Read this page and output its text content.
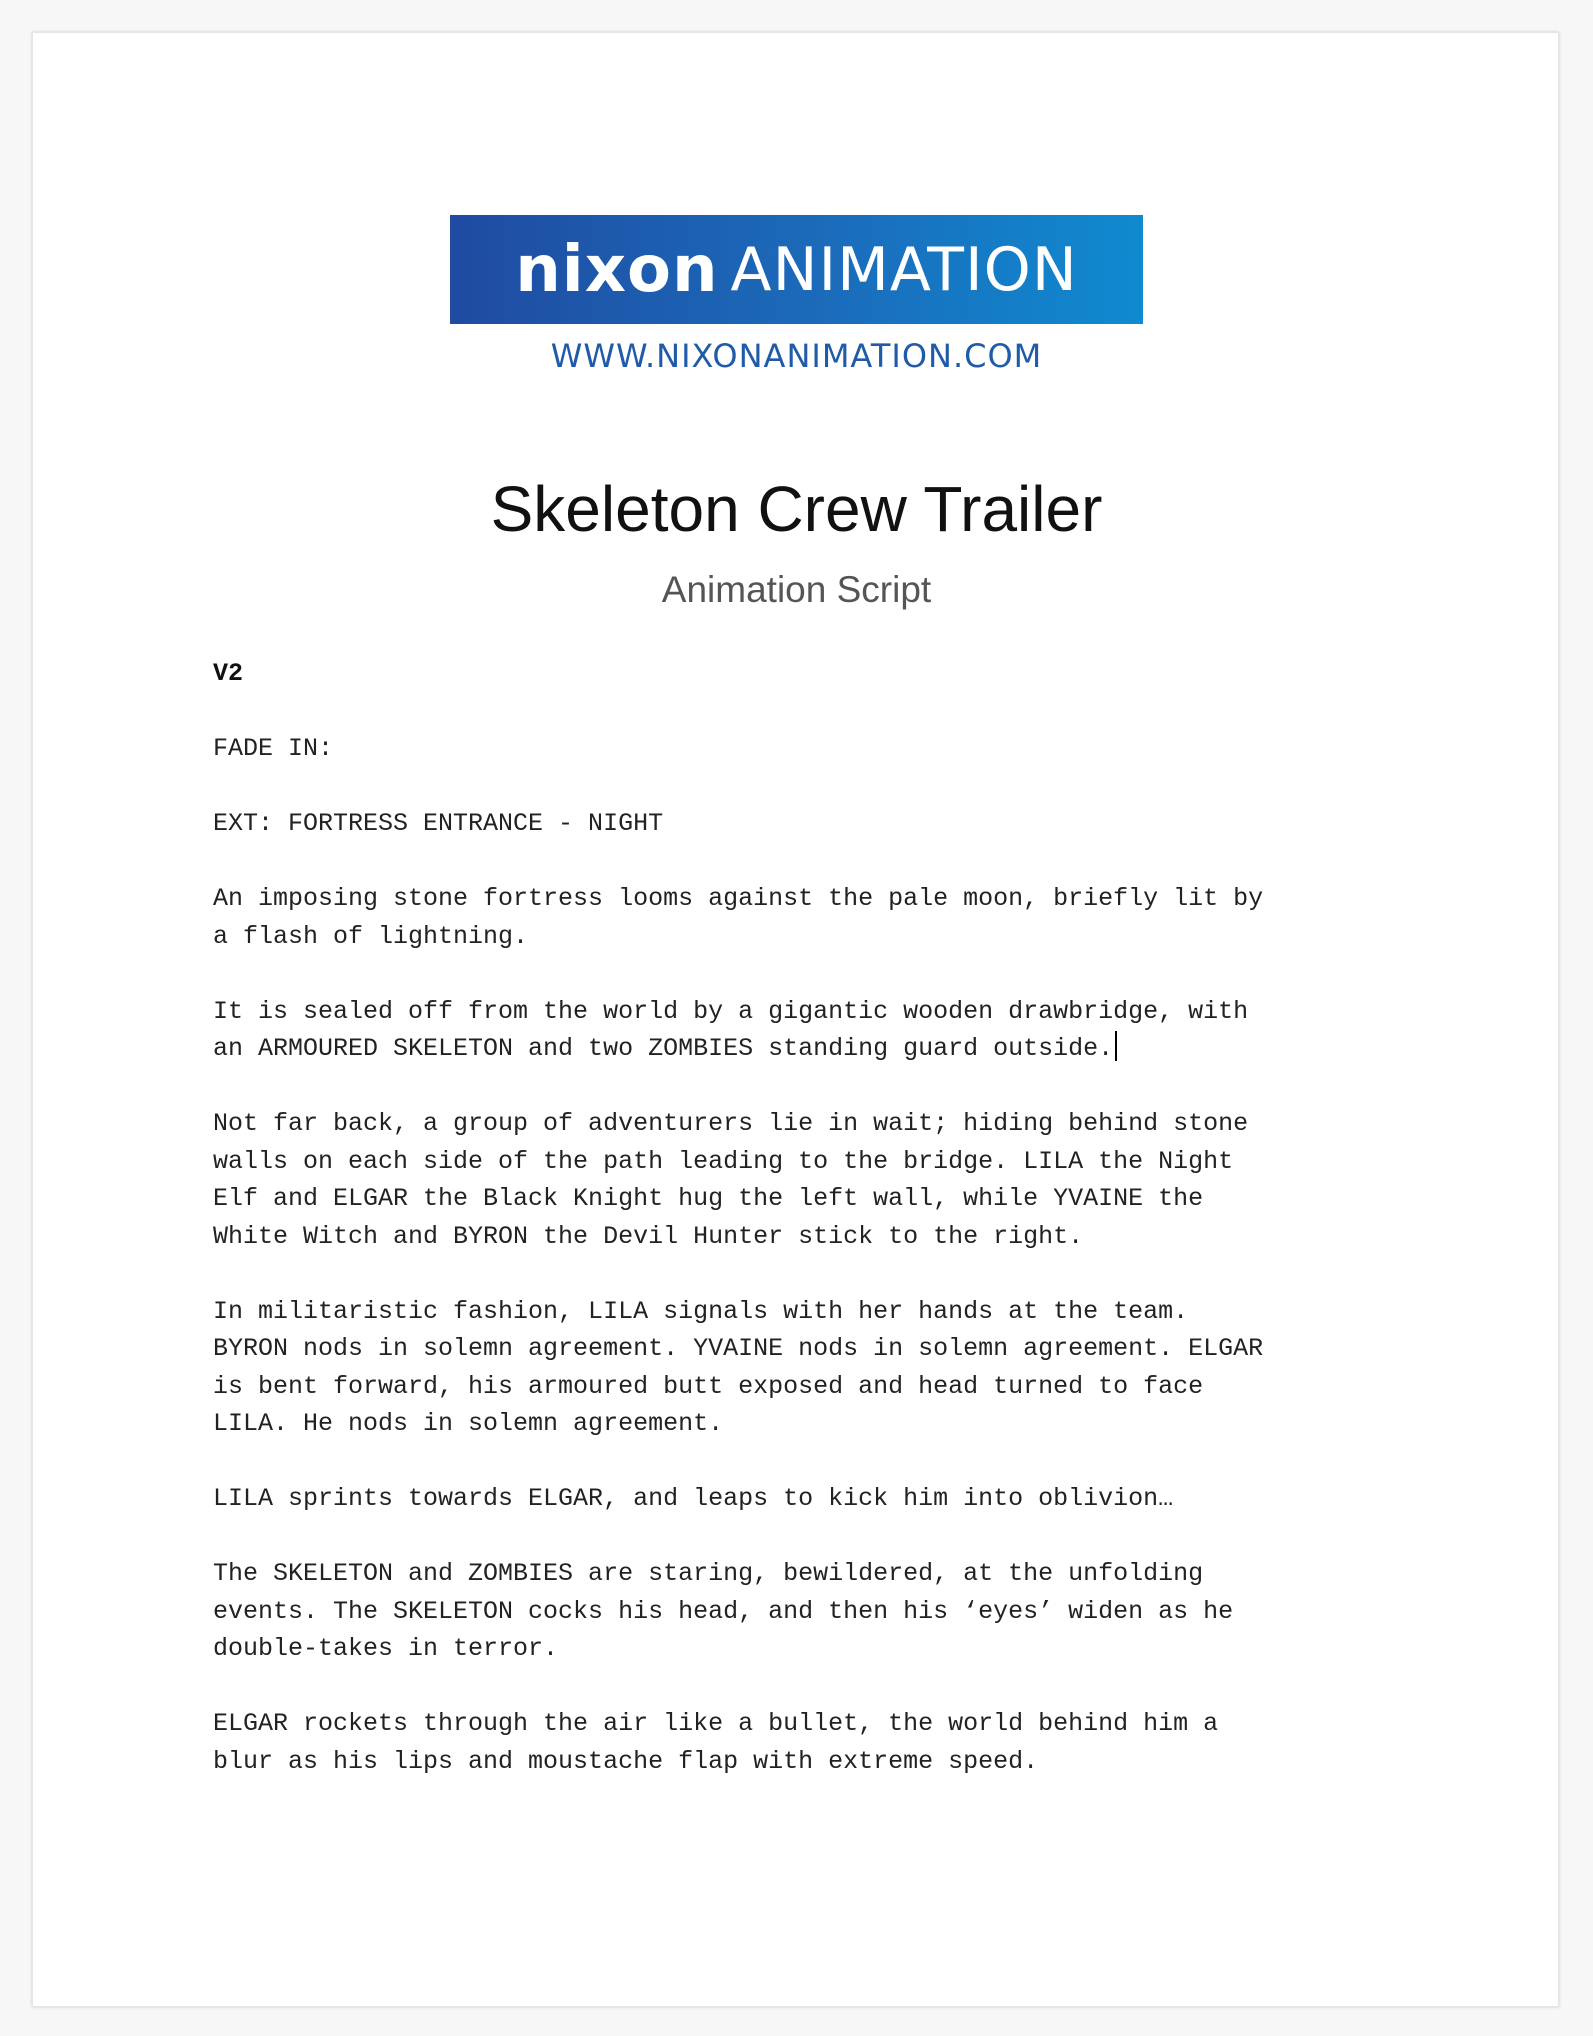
nixon ANIMATION
WWW.NIXONANIMATION.COM
Skeleton Crew Trailer
Animation Script

V2

FADE IN:

EXT: FORTRESS ENTRANCE - NIGHT

An imposing stone fortress looms against the pale moon, briefly lit by
a flash of lightning.

It is sealed off from the world by a gigantic wooden drawbridge, with
an ARMOURED SKELETON and two ZOMBIES standing guard outside.

Not far back, a group of adventurers lie in wait; hiding behind stone
walls on each side of the path leading to the bridge. LILA the Night
Elf and ELGAR the Black Knight hug the left wall, while YVAINE the
White Witch and BYRON the Devil Hunter stick to the right.

In militaristic fashion, LILA signals with her hands at the team.
BYRON nods in solemn agreement. YVAINE nods in solemn agreement. ELGAR
is bent forward, his armoured butt exposed and head turned to face
LILA. He nods in solemn agreement.

LILA sprints towards ELGAR, and leaps to kick him into oblivion…

The SKELETON and ZOMBIES are staring, bewildered, at the unfolding
events. The SKELETON cocks his head, and then his ‘eyes’ widen as he
double-takes in terror.

ELGAR rockets through the air like a bullet, the world behind him a
blur as his lips and moustache flap with extreme speed.
